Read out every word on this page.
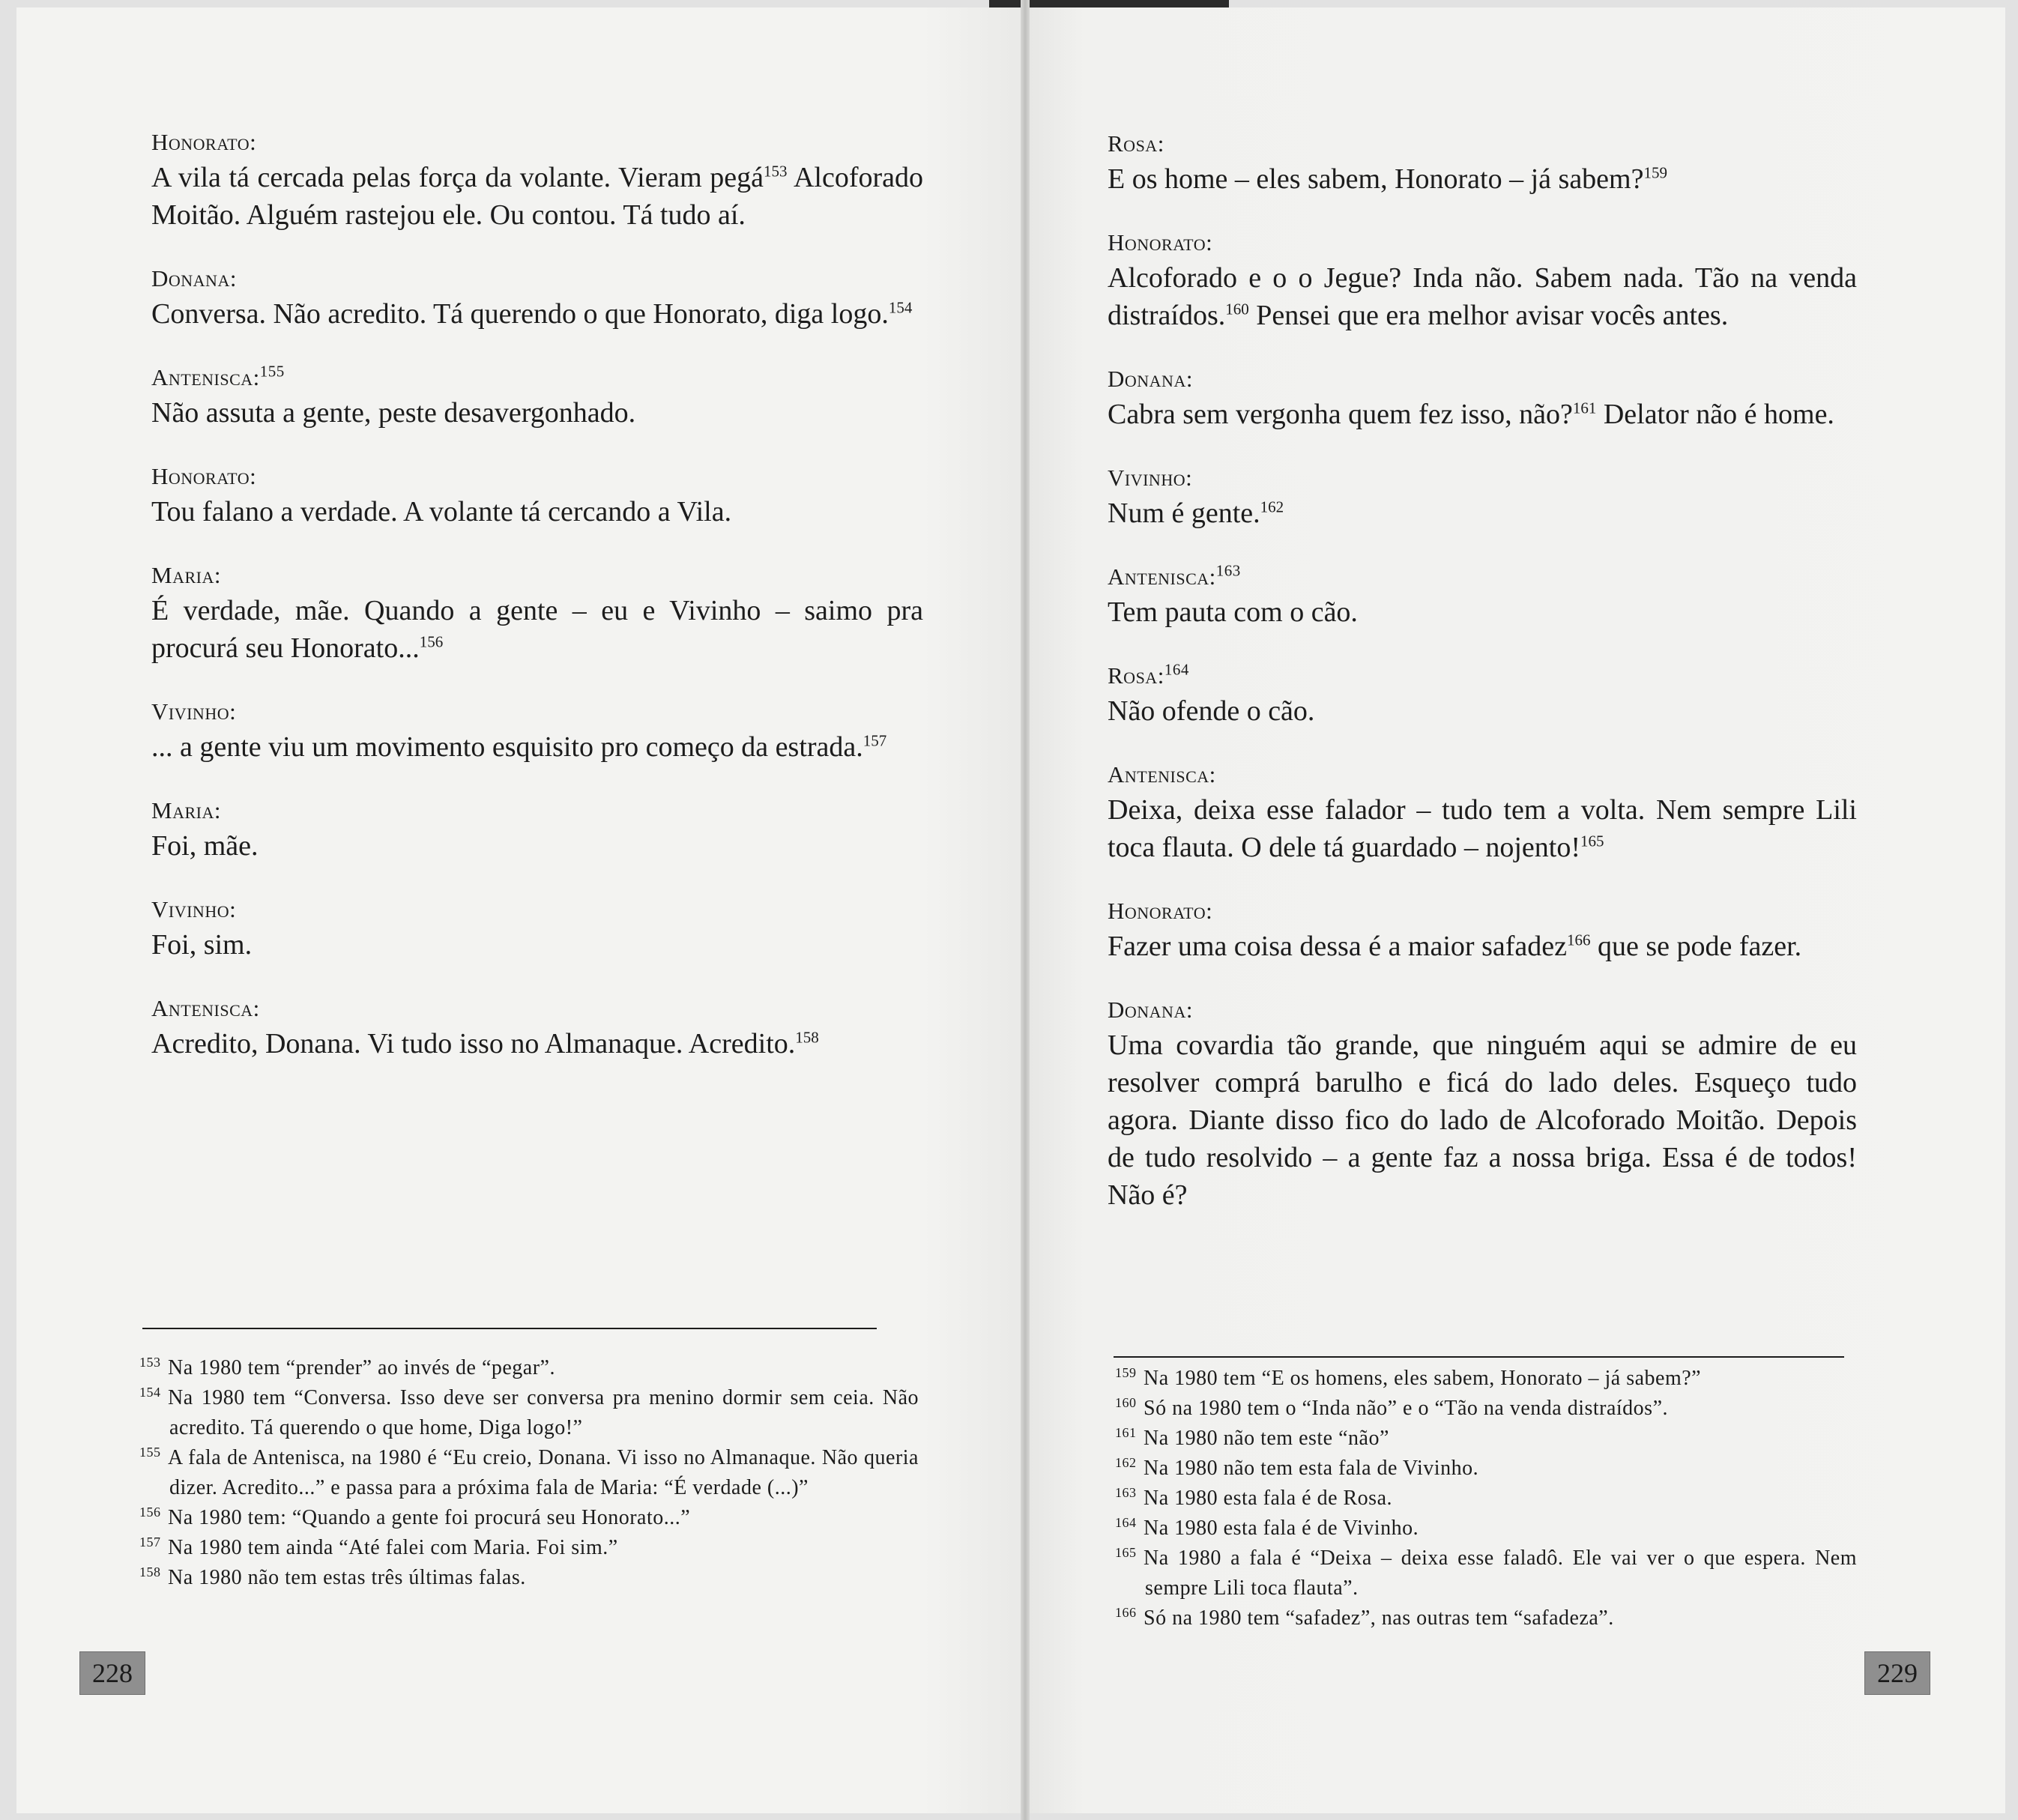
Honorato:
A vila tá cercada pelas força da volante. Vieram pegá$^{153}$ Alcoforado Moitão. Alguém rastejou ele. Ou contou. Tá tudo aí.
Donana:
Conversa. Não acredito. Tá querendo o que Honorato, diga logo.$^{154}$
Antenisca:$^{155}$
Não assuta a gente, peste desavergonhado.
Honorato:
Tou falano a verdade. A volante tá cercando a Vila.
Maria:
É verdade, mãe. Quando a gente – eu e Vivinho – saimo pra procurá seu Honorato...$^{156}$
Vivinho:
... a gente viu um movimento esquisito pro começo da estrada.$^{157}$
Maria:
Foi, mãe.
Vivinho:
Foi, sim.
Antenisca:
Acredito, Donana. Vi tudo isso no Almanaque. Acredito.$^{158}$
153 Na 1980 tem “prender” ao invés de “pegar”.
154 Na 1980 tem “Conversa. Isso deve ser conversa pra menino dormir sem ceia. Não acredito. Tá querendo o que home, Diga logo!”
155 A fala de Antenisca, na 1980 é “Eu creio, Donana. Vi isso no Almanaque. Não queria dizer. Acredito...” e passa para a próxima fala de Maria: “É verdade (...)”
156 Na 1980 tem: “Quando a gente foi procurá seu Honorato...”
157 Na 1980 tem ainda “Até falei com Maria. Foi sim.”
158 Na 1980 não tem estas três últimas falas.
228
Rosa:
E os home – eles sabem, Honorato – já sabem?$^{159}$
Honorato:
Alcoforado e o o Jegue? Inda não. Sabem nada. Tão na venda distraídos.$^{160}$ Pensei que era melhor avisar vocês antes.
Donana:
Cabra sem vergonha quem fez isso, não?$^{161}$ Delator não é home.
Vivinho:
Num é gente.$^{162}$
Antenisca:$^{163}$
Tem pauta com o cão.
Rosa:$^{164}$
Não ofende o cão.
Antenisca:
Deixa, deixa esse falador – tudo tem a volta. Nem sempre Lili toca flauta. O dele tá guardado – nojento!$^{165}$
Honorato:
Fazer uma coisa dessa é a maior safadez$^{166}$ que se pode fazer.
Donana:
Uma covardia tão grande, que ninguém aqui se admire de eu resolver comprá barulho e ficá do lado deles. Esqueço tudo agora. Diante disso fico do lado de Alcoforado Moitão. Depois de tudo resolvido – a gente faz a nossa briga. Essa é de todos! Não é?
159 Na 1980 tem “E os homens, eles sabem, Honorato – já sabem?”
160 Só na 1980 tem o “Inda não” e o “Tão na venda distraídos”.
161 Na 1980 não tem este “não”
162 Na 1980 não tem esta fala de Vivinho.
163 Na 1980 esta fala é de Rosa.
164 Na 1980 esta fala é de Vivinho.
165 Na 1980 a fala é “Deixa – deixa esse faladô. Ele vai ver o que espera. Nem sempre Lili toca flauta”.
166 Só na 1980 tem “safadez”, nas outras tem “safadeza”.
229
